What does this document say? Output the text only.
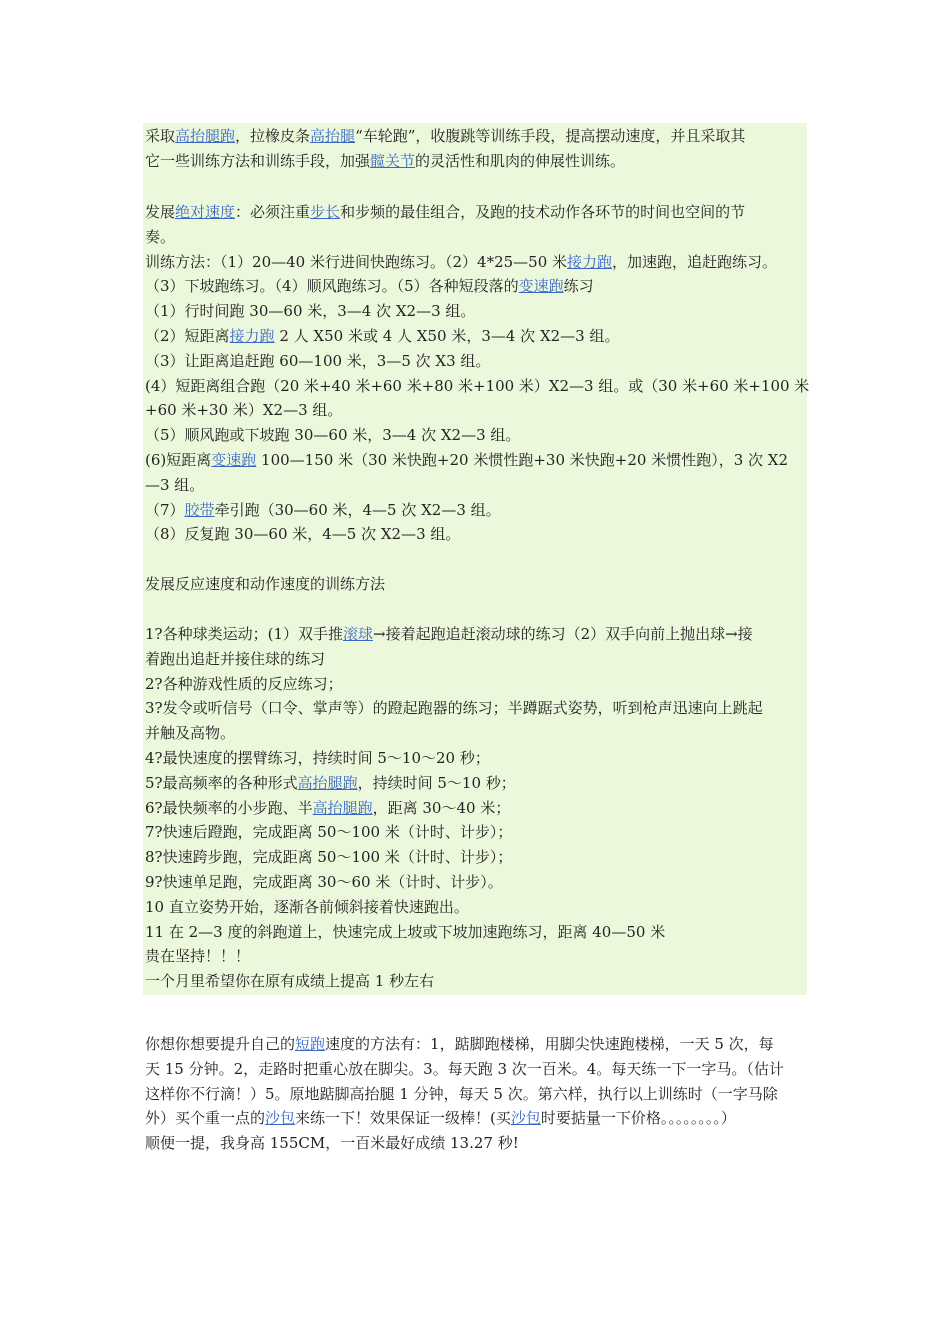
采取高抬腿跑，拉橡皮条高抬腿“车轮跑”，收腹跳等训练手段，提高摆动速度，并且采取其
它一些训练方法和训练手段，加强髋关节的灵活性和肌肉的伸展性训练。
发展绝对速度：必须注重步长和步频的最佳组合，及跑的技术动作各环节的时间也空间的节
奏。
训练方法：（1）20—40 米行进间快跑练习。（2）4*25—50 米接力跑，加速跑，追赶跑练习。
（3）下坡跑练习。（4）顺风跑练习。（5）各种短段落的变速跑练习
（1）行时间跑 30—60 米，3—4 次 X2—3 组。
（2）短距离接力跑 2 人 X50 米或 4 人 X50 米，3—4 次 X2—3 组。
（3）让距离追赶跑 60—100 米，3—5 次 X3 组。
(4）短距离组合跑（20 米+40 米+60 米+80 米+100 米）X2—3 组。或（30 米+60 米+100 米
+60 米+30 米）X2—3 组。
（5）顺风跑或下坡跑 30—60 米，3—4 次 X2—3 组。
(6)短距离变速跑 100—150 米（30 米快跑+20 米惯性跑+30 米快跑+20 米惯性跑），3 次 X2
—3 组。
（7）胶带牵引跑（30—60 米，4—5 次 X2—3 组。
（8）反复跑 30—60 米，4—5 次 X2—3 组。
发展反应速度和动作速度的训练方法
1?各种球类运动；(1）双手推滚球→接着起跑追赶滚动球的练习（2）双手向前上抛出球→接
着跑出追赶并接住球的练习
2?各种游戏性质的反应练习；
3?发令或听信号（口令、掌声等）的蹬起跑器的练习；半蹲踞式姿势，听到枪声迅速向上跳起
并触及高物。
4?最快速度的摆臂练习，持续时间 5～10～20 秒；
5?最高频率的各种形式高抬腿跑，持续时间 5～10 秒；
6?最快频率的小步跑、半高抬腿跑，距离 30～40 米；
7?快速后蹬跑，完成距离 50～100 米（计时、计步）；
8?快速跨步跑，完成距离 50～100 米（计时、计步）；
9?快速单足跑，完成距离 30～60 米（计时、计步）。
10 直立姿势开始，逐渐各前倾斜接着快速跑出。
11 在 2—3 度的斜跑道上，快速完成上坡或下坡加速跑练习，距离 40—50 米
贵在坚持！！！
一个月里希望你在原有成绩上提高 1 秒左右
你想你想要提升自己的短跑速度的方法有：1，踮脚跑楼梯，用脚尖快速跑楼梯，一天 5 次，每
天 15 分钟。2，走路时把重心放在脚尖。3。每天跑 3 次一百米。4。每天练一下一字马。（估计
这样你不行滴！）5。原地踮脚高抬腿 1 分钟，每天 5 次。第六样，执行以上训练时（一字马除
外）买个重一点的沙包来练一下！效果保证一级棒！(买沙包时要掂量一下价格。。。。。。。。）
顺便一提，我身高 155CM，一百米最好成绩 13.27 秒!
